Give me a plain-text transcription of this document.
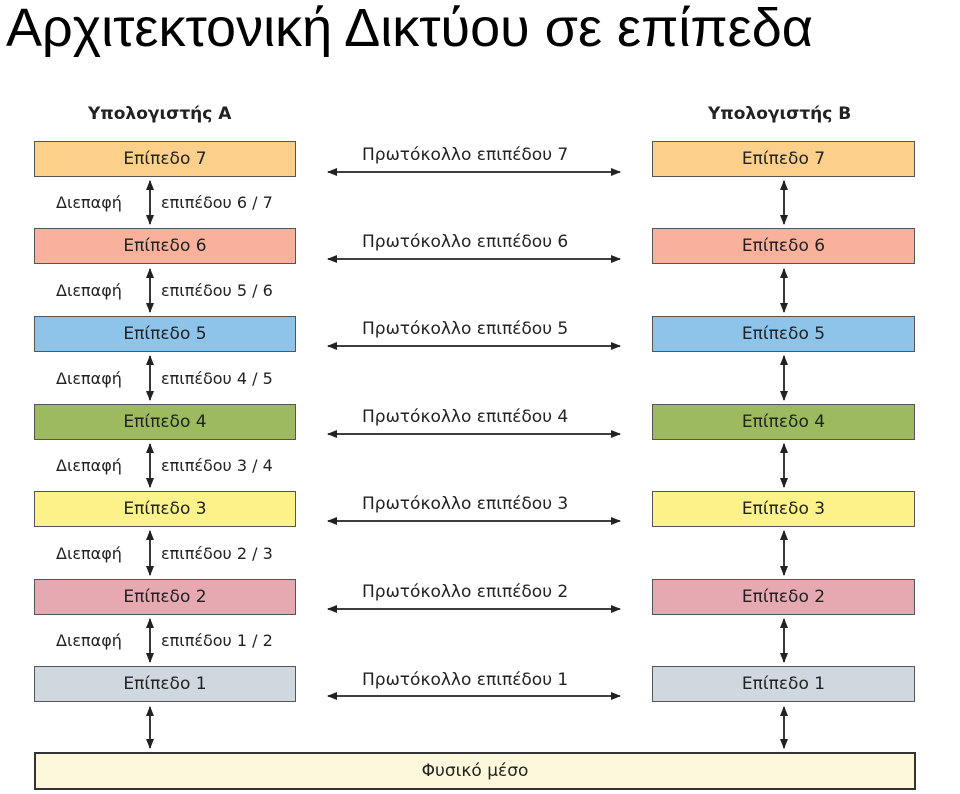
Αρχιτεκτονική Δικτύου σε επίπεδα
Υπολογιστής Α	Υπολογιστής Β
Επίπεδο 7	Πρωτόκολλο επιπέδου 7	Επίπεδο 7
Επίπεδο 6	Πρωτόκολλο επιπέδου 6	Επίπεδο 6
Επίπεδο 5	Πρωτόκολλο επιπέδου 5	Επίπεδο 5
Επίπεδο 4	Πρωτόκολλο επιπέδου 4	Επίπεδο 4
Επίπεδο 3	Πρωτόκολλο επιπέδου 3	Επίπεδο 3
Επίπεδο 2	Πρωτόκολλο επιπέδου 2	Επίπεδο 2
Επίπεδο 1	Πρωτόκολλο επιπέδου 1	Επίπεδο 1
Διεπαφή επιπέδου 6 / 7
Διεπαφή επιπέδου 5 / 6
Διεπαφή επιπέδου 4 / 5
Διεπαφή επιπέδου 3 / 4
Διεπαφή επιπέδου 2 / 3
Διεπαφή επιπέδου 1 / 2
Φυσικό μέσο
